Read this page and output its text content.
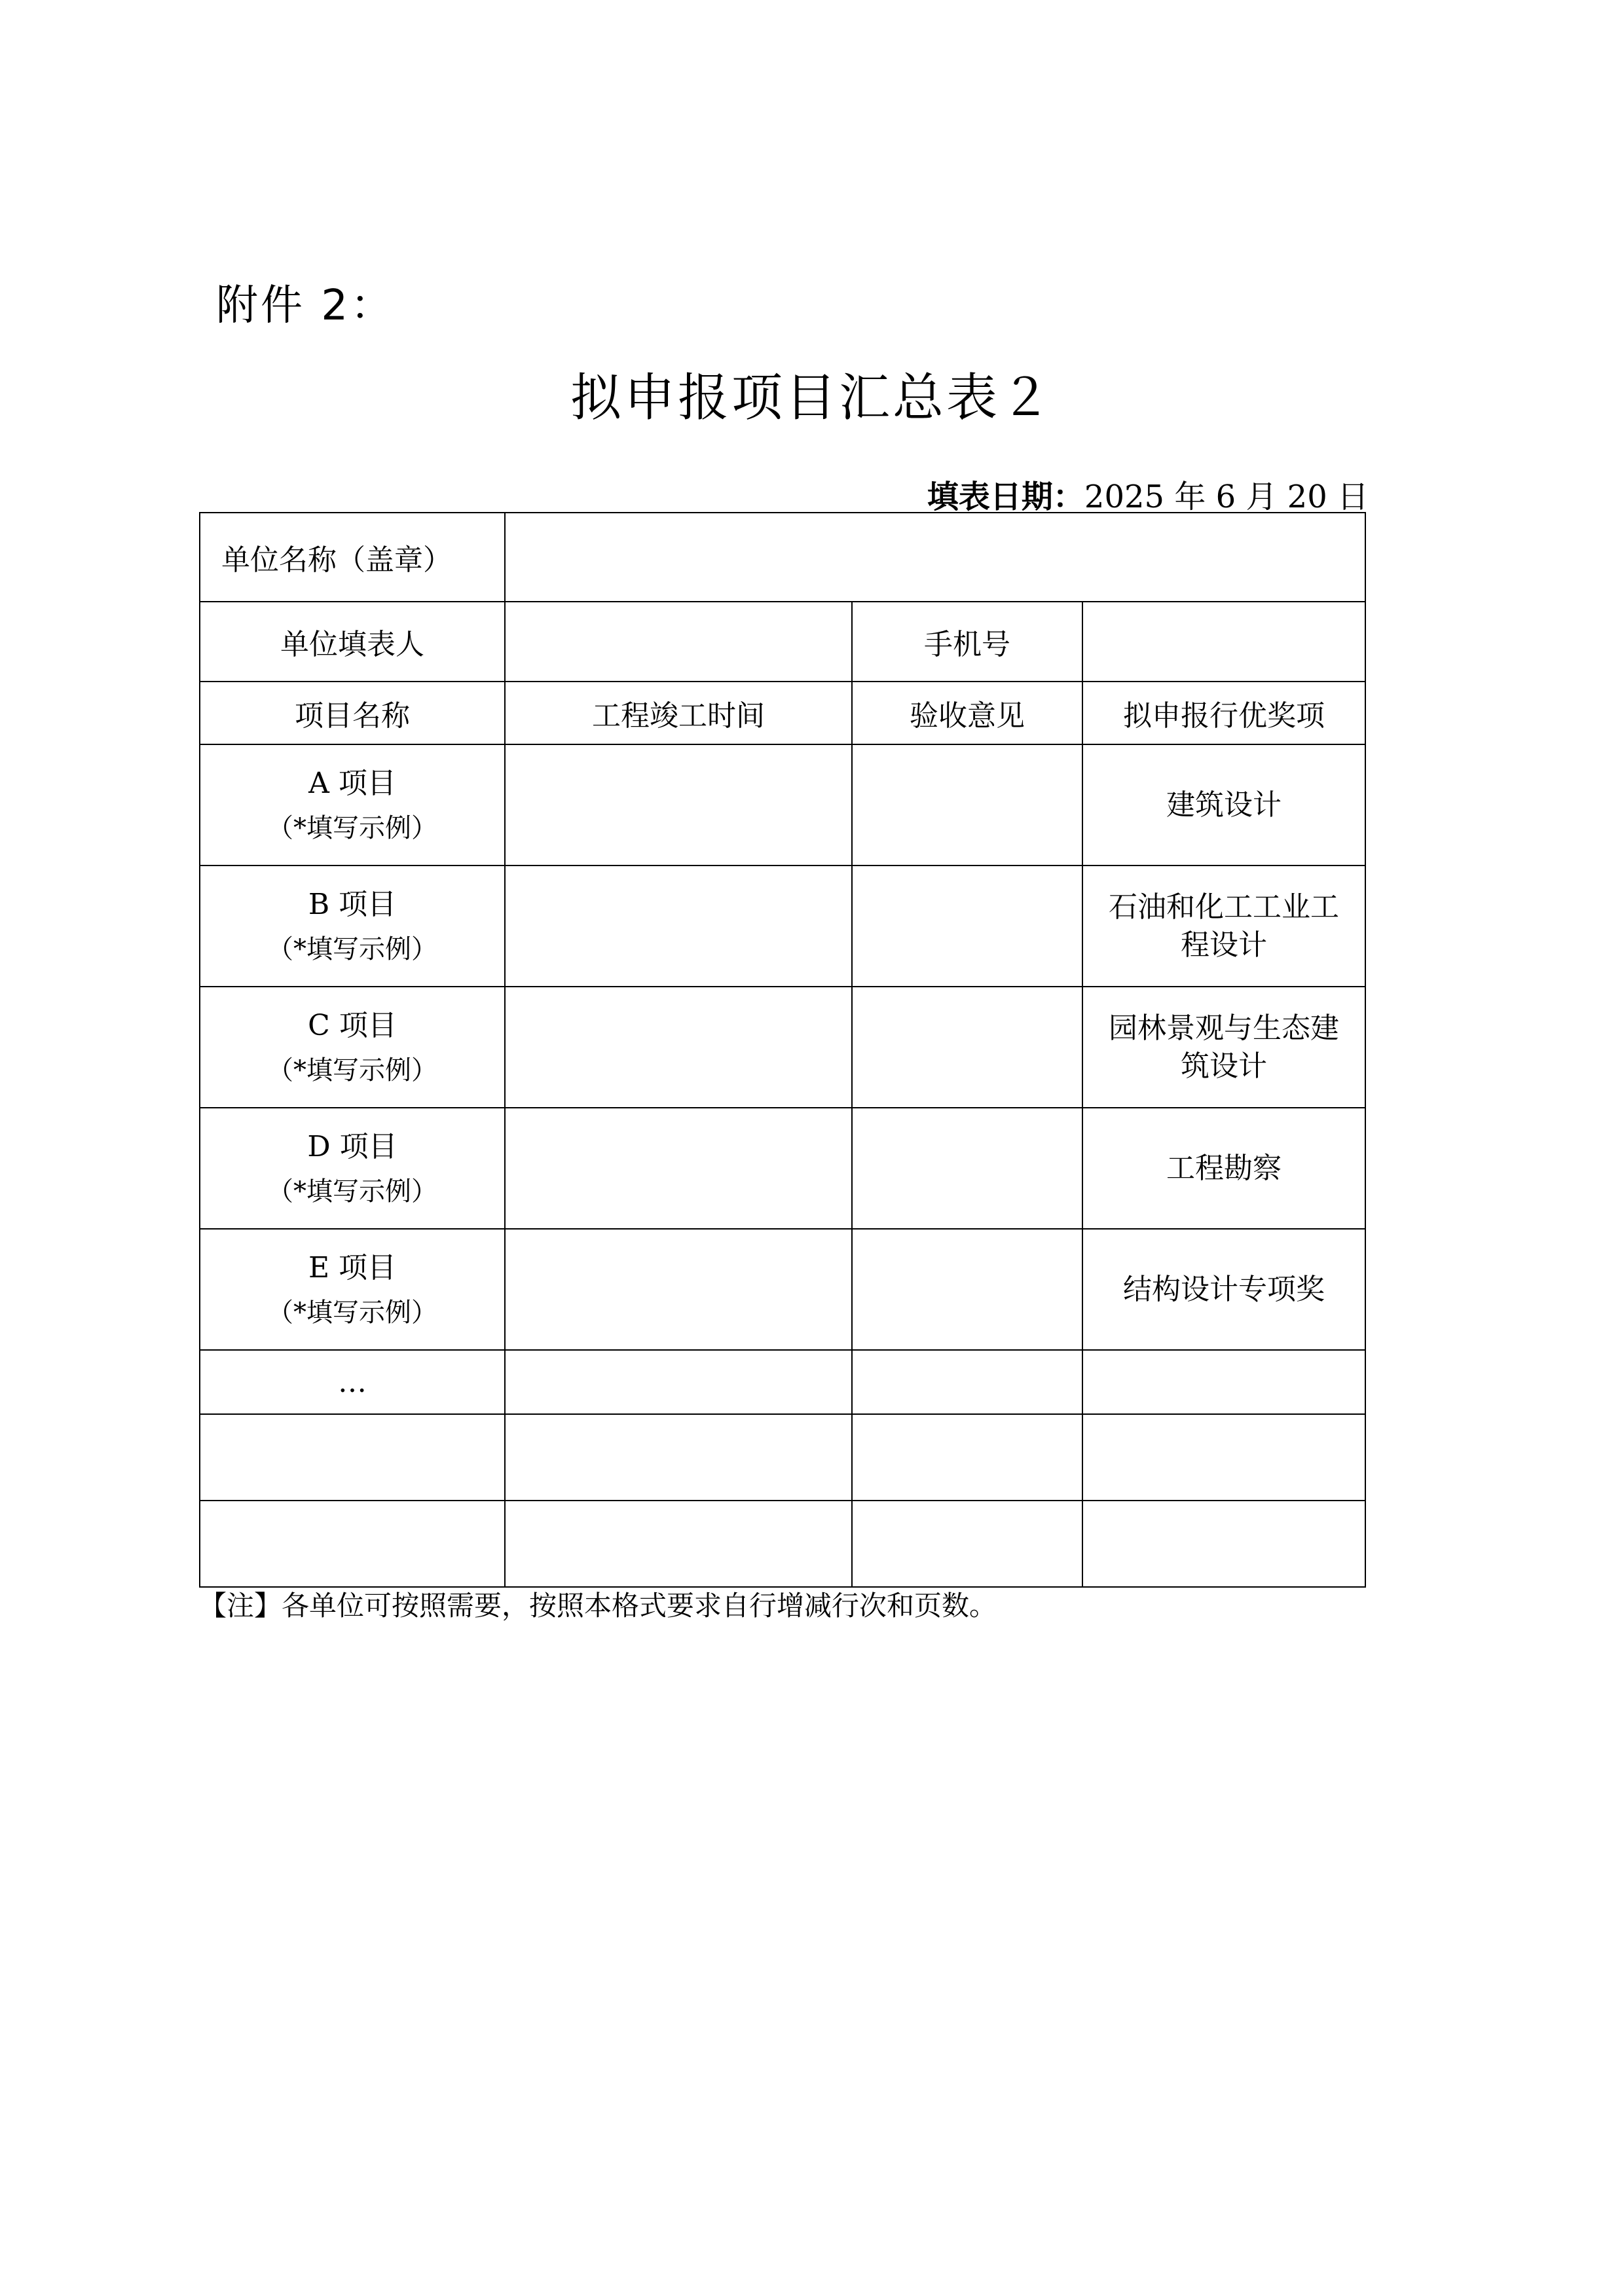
附件 2：
拟申报项目汇总表２
填表日期：2025 年 6 月 20 日
单位名称（盖章）			
单位填表人		手机号	
项目名称	工程竣工时间	验收意见	拟申报行优奖项

A 项目
（*填写示例）			建筑设计

B 项目
（*填写示例）			石油和化工工业工程设计

C 项目
（*填写示例）			园林景观与生态建筑设计

D 项目
（*填写示例）			工程勘察

E 项目
（*填写示例）			结构设计专项奖
…			

【注】各单位可按照需要，按照本格式要求自行增减行次和页数。
